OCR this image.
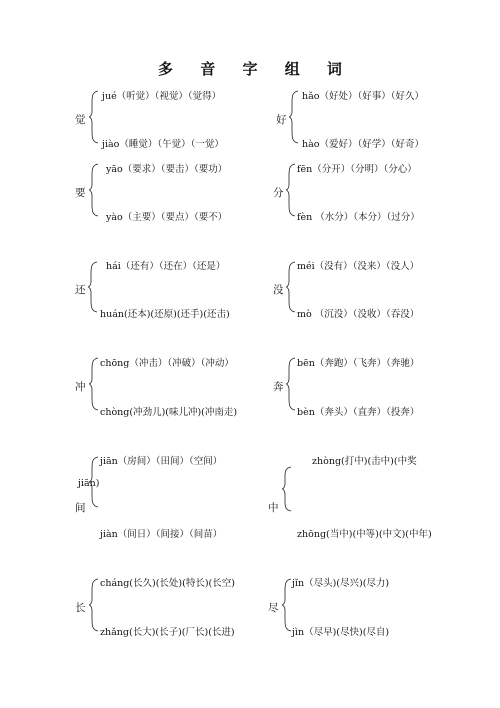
多 音 字 组 词
觉
jué（听觉）（视觉）（觉得）
jiào（睡觉）（午觉）（一觉）
好
hǎo（好处）（好事）（好久）
hào（爱好）（好学）（好奇）
要
yāo（要求）（要击）（要功）
yào（主要）（要点）（要不）
分
fēn（分开）（分明）（分心）
fèn （水分）（本分）（过分）
还
hái（还有）（还在）（还是）
huán(还本)(还原)(还手)(还击)
没
méi（没有）（没来）（没人）
mò （沉没）（没收）（吞没）
冲
chōng（冲击）（冲破）（冲动）
chòng(冲劲儿)(味儿冲)(冲南走)
奔
bēn（奔跑）（飞奔）（奔驰）
bèn（奔头）（直奔）（投奔）
jiān)
间
jiān（房间）（田间）（空间）
jiàn（间日）（间接）（间苗）
中
zhòng(打中)(击中)(中奖
zhōng(当中)(中等)(中文)(中年)
长
cháng(长久)(长处)(特长)(长空)
zhǎng(长大)(长子)(厂长)(长进)
尽
jǐn（尽头)(尽兴)(尽力)
jìn（尽早)(尽快)(尽自)
